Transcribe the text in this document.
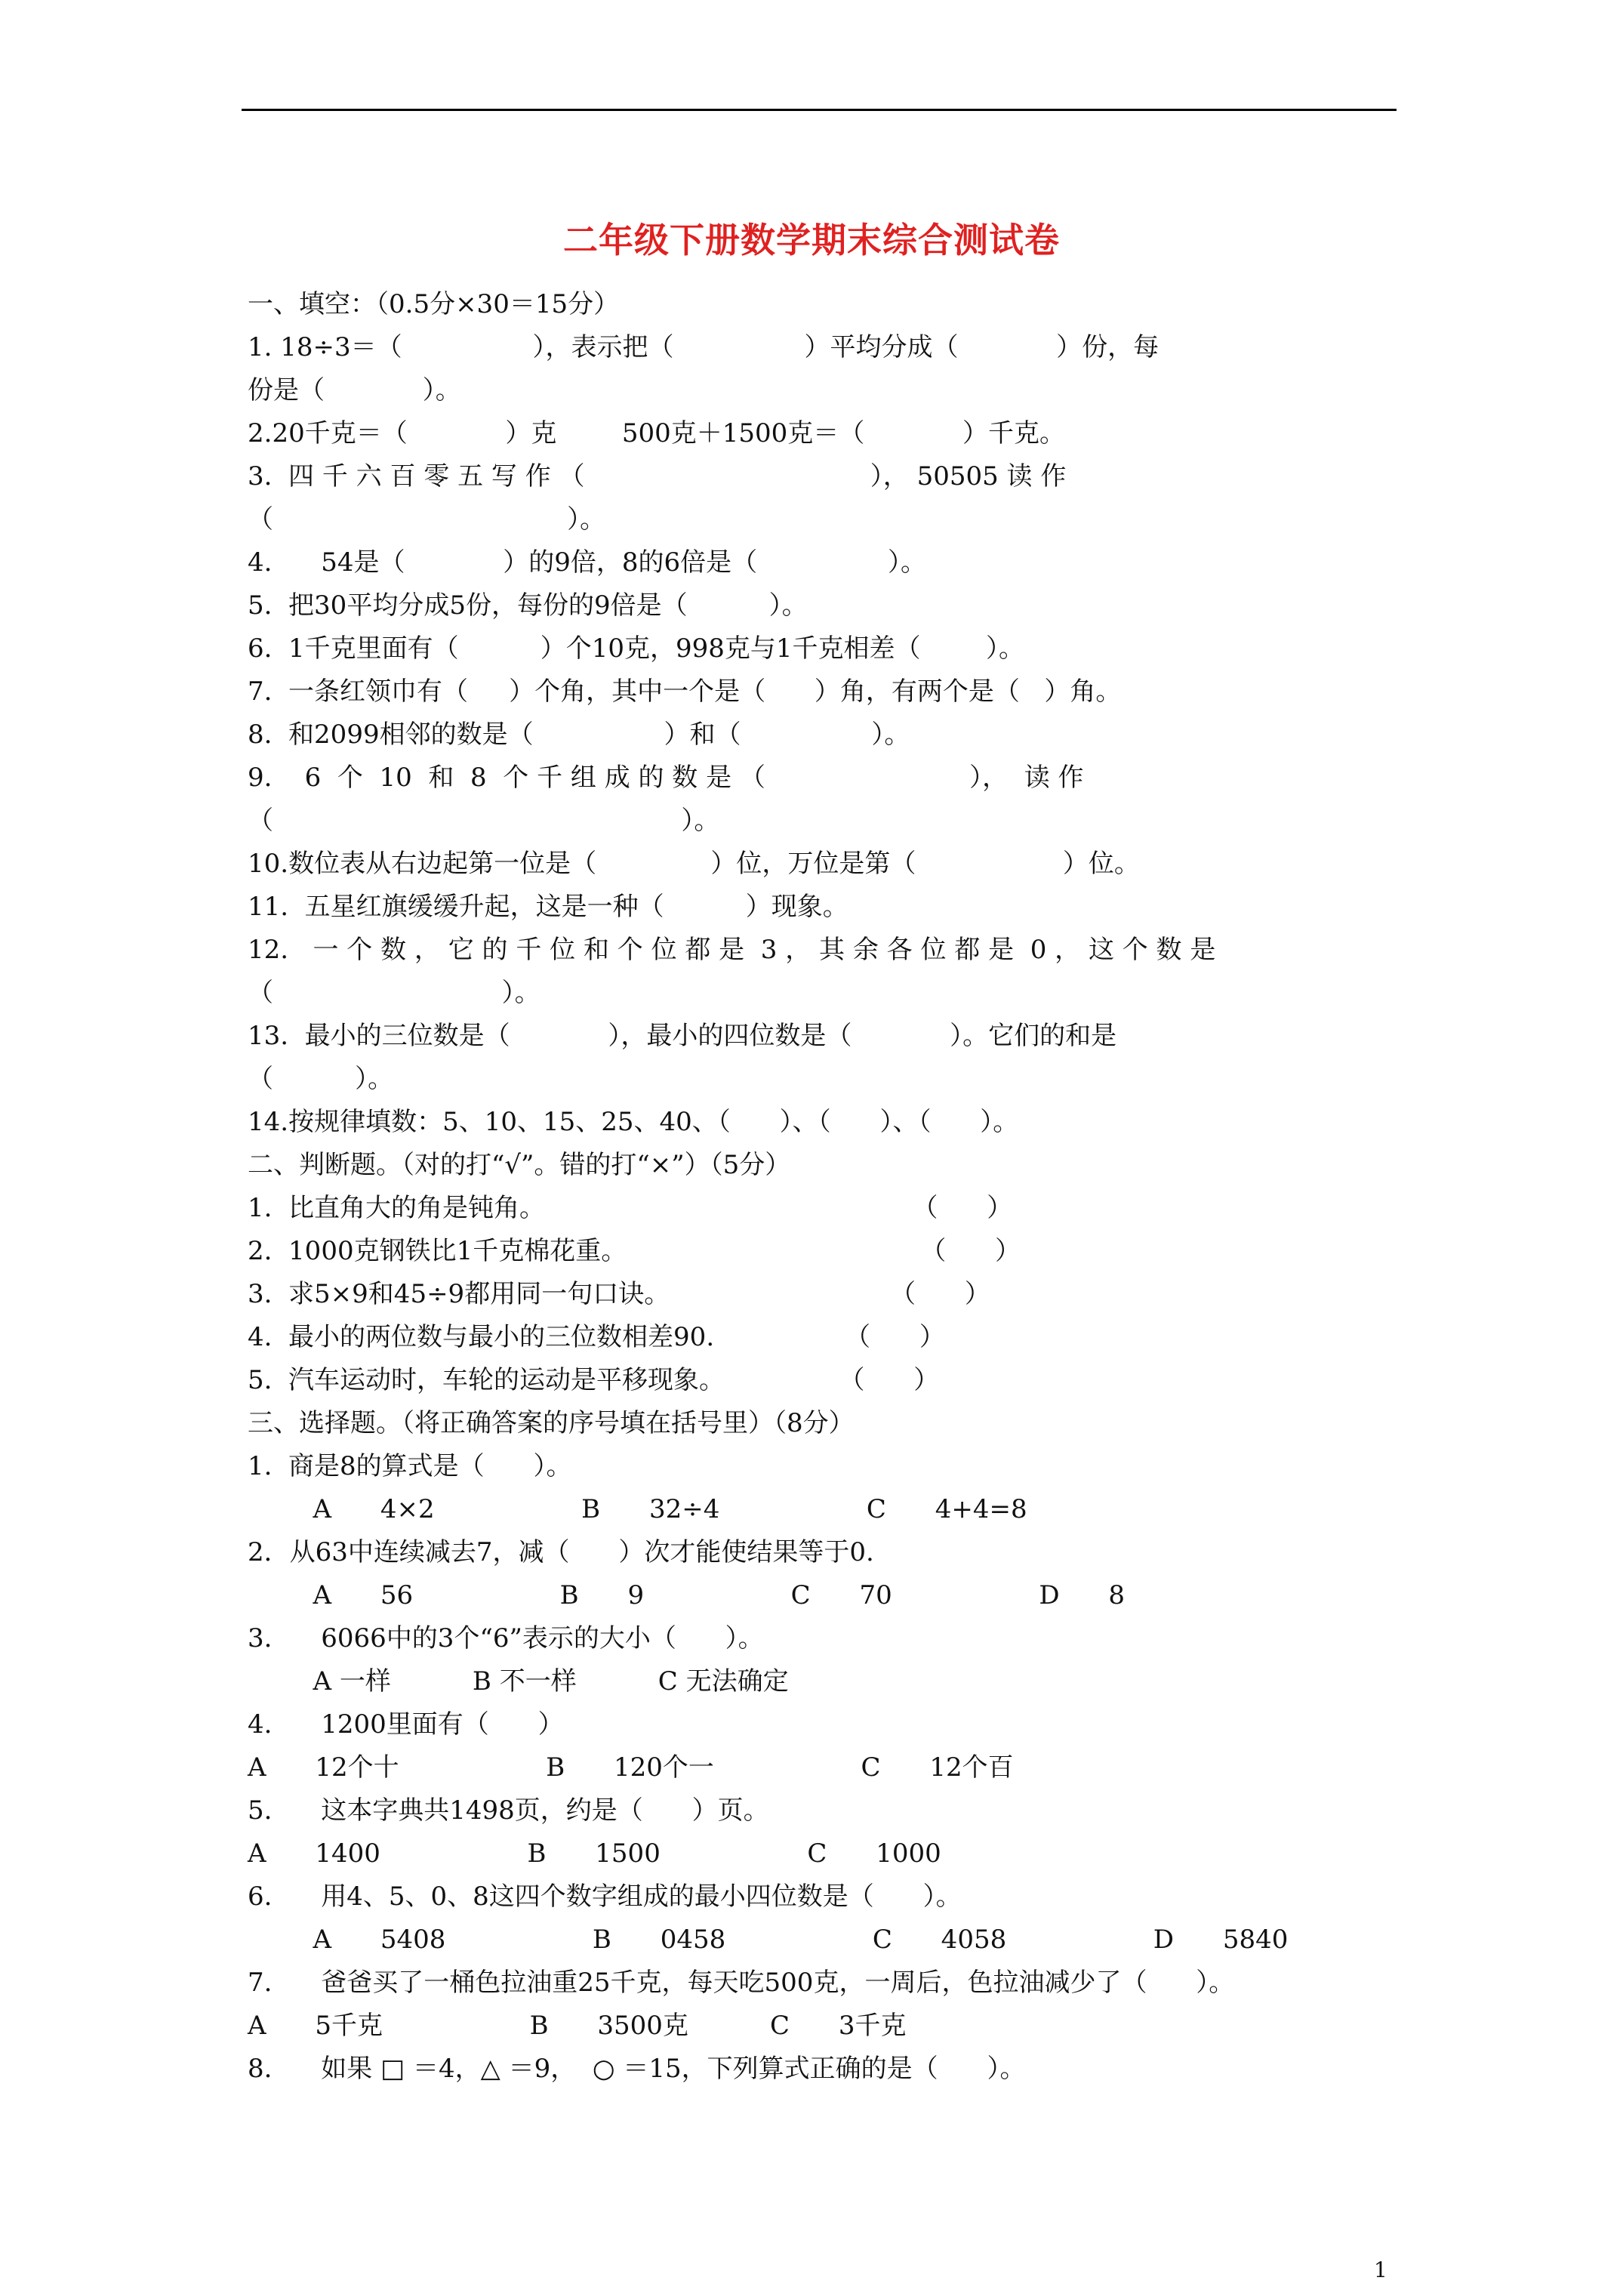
二年级下册数学期末综合测试卷
一、填空：（0.5分×30＝15分）
1. 18÷3＝（                ），表示把（                ）平均分成（            ）份，每
份是（            ）。
2.20千克＝（            ）克        500克＋1500克＝（            ）千克。
3.  四 千 六 百 零 五 写 作 （                                   ）， 50505 读 作
（                                    ）。
4.      54是（            ）的9倍，8的6倍是（                ）。
5.  把30平均分成5份，每份的9倍是（          ）。
6.  1千克里面有（          ）个10克，998克与1千克相差（        ）。
7.  一条红领巾有（     ）个角，其中一个是（      ）角，有两个是（   ）角。
8.  和2099相邻的数是（                ）和（                ）。
9.    6  个  10  和  8  个 千 组 成 的 数 是 （                         ），  读 作
（                                                  ）。
10.数位表从右边起第一位是（              ）位，万位是第（                  ）位。
11.  五星红旗缓缓升起，这是一种（          ）现象。
12.   一 个 数 ， 它 的 千 位 和 个 位 都 是  3 ， 其 余 各 位 都 是  0 ， 这 个 数 是
（                            ）。
13.  最小的三位数是（            ），最小的四位数是（            ）。它们的和是
（          ）。
14.按规律填数：5、10、15、25、40、（      ）、（      ）、（      ）。
二、判断题。（对的打“√”。错的打“×”）（5分）
1.  比直角大的角是钝角。                                             （      ）
2.  1000克钢铁比1千克棉花重。                                    （      ）
3.  求5×9和45÷9都用同一句口诀。                           （      ）
4.  最小的两位数与最小的三位数相差90.                （      ）
5.  汽车运动时，车轮的运动是平移现象。              （      ）
三、选择题。（将正确答案的序号填在括号里）（8分）
1.  商是8的算式是（      ）。
A      4×2                  B      32÷4                  C      4+4=8
2．从63中连续减去7，减（      ）次才能使结果等于0.
A      56                  B      9                  C      70                  D      8
3.      6066中的3个“6”表示的大小（      ）。
A 一样          B 不一样          C 无法确定
4.      1200里面有（      ）
A      12个十                  B      120个一                  C      12个百
5.      这本字典共1498页，约是（      ）页。
A      1400                  B      1500                  C      1000
6.      用4、5、0、8这四个数字组成的最小四位数是（      ）。
A      5408                  B      0458                  C      4058                  D      5840
7.      爸爸买了一桶色拉油重25千克，每天吃500克，一周后，色拉油减少了（      ）。
A      5千克                  B      3500克          C      3千克
8.      如果 □ ＝4，△ ＝9，  ○ ＝15，下列算式正确的是（      ）。
1
